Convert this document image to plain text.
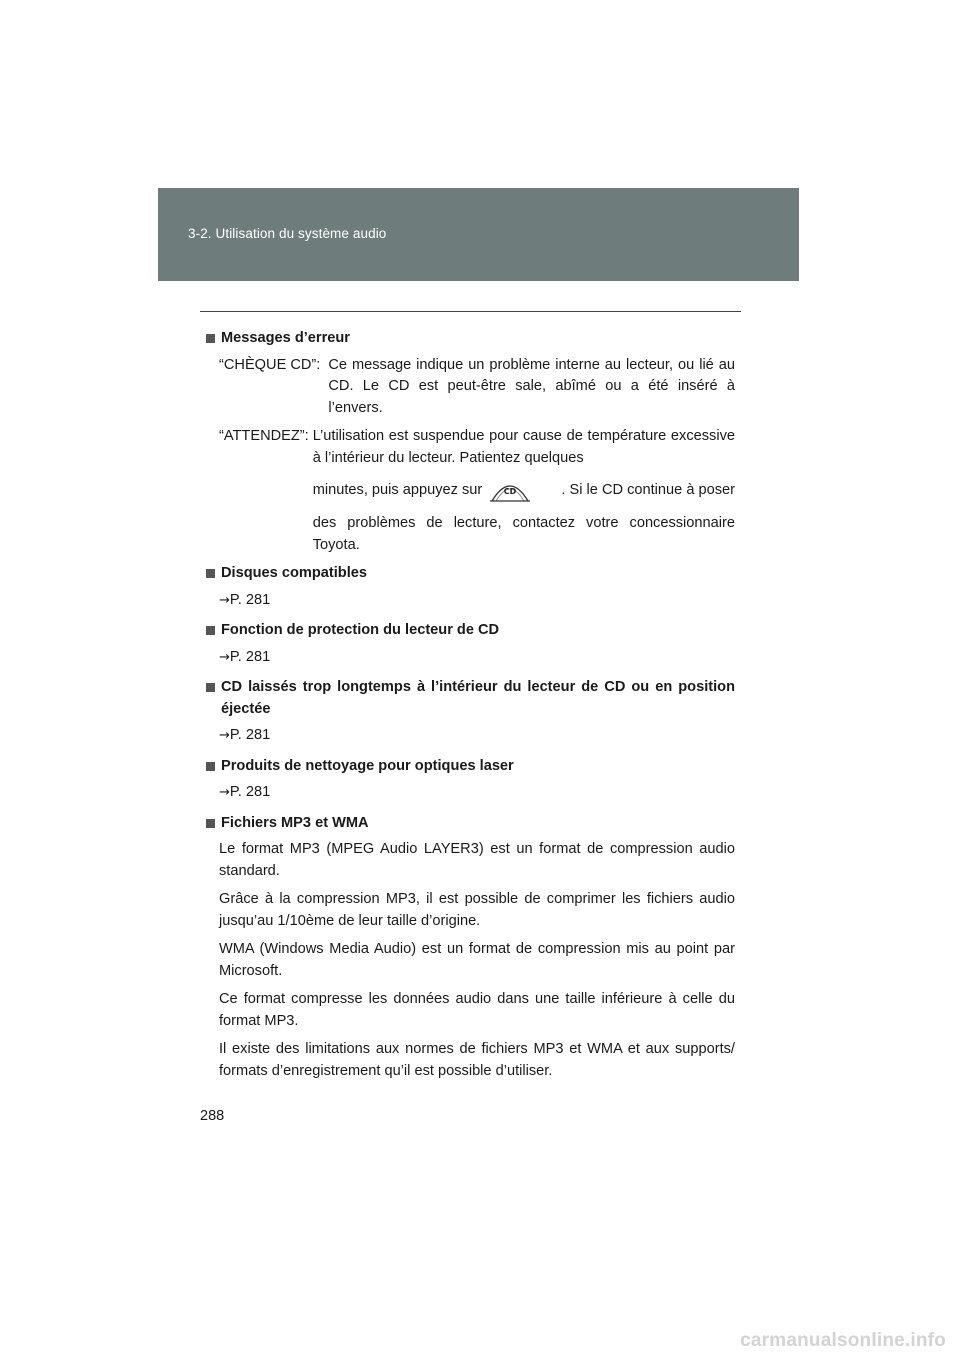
3-2. Utilisation du système audio
Messages d’erreur
“CHÈQUE CD”: Ce message indique un problème interne au lecteur, ou lié au CD. Le CD est peut-être sale, abîmé ou a été inséré à l’envers.
“ATTENDEZ”: L’utilisation est suspendue pour cause de température excessive à l’intérieur du lecteur. Patientez quelques
minutes, puis appuyez sur	CD	. Si le CD continue à poser
des problèmes de lecture, contactez votre concessionnaire Toyota.
Disques compatibles
→P. 281
Fonction de protection du lecteur de CD
→P. 281
CD laissés trop longtemps à l’intérieur du lecteur de CD ou en position éjectée
→P. 281
Produits de nettoyage pour optiques laser
→P. 281
Fichiers MP3 et WMA

Le format MP3 (MPEG Audio LAYER3) est un format de compression audio standard.

Grâce à la compression MP3, il est possible de comprimer les fichiers audio jusqu’au 1/10ème de leur taille d’origine.

WMA (Windows Media Audio) est un format de compression mis au point par Microsoft.

Ce format compresse les données audio dans une taille inférieure à celle du format MP3.

Il existe des limitations aux normes de fichiers MP3 et WMA et aux supports/ formats d’enregistrement qu’il est possible d’utiliser.

288
carmanualsonline.info
